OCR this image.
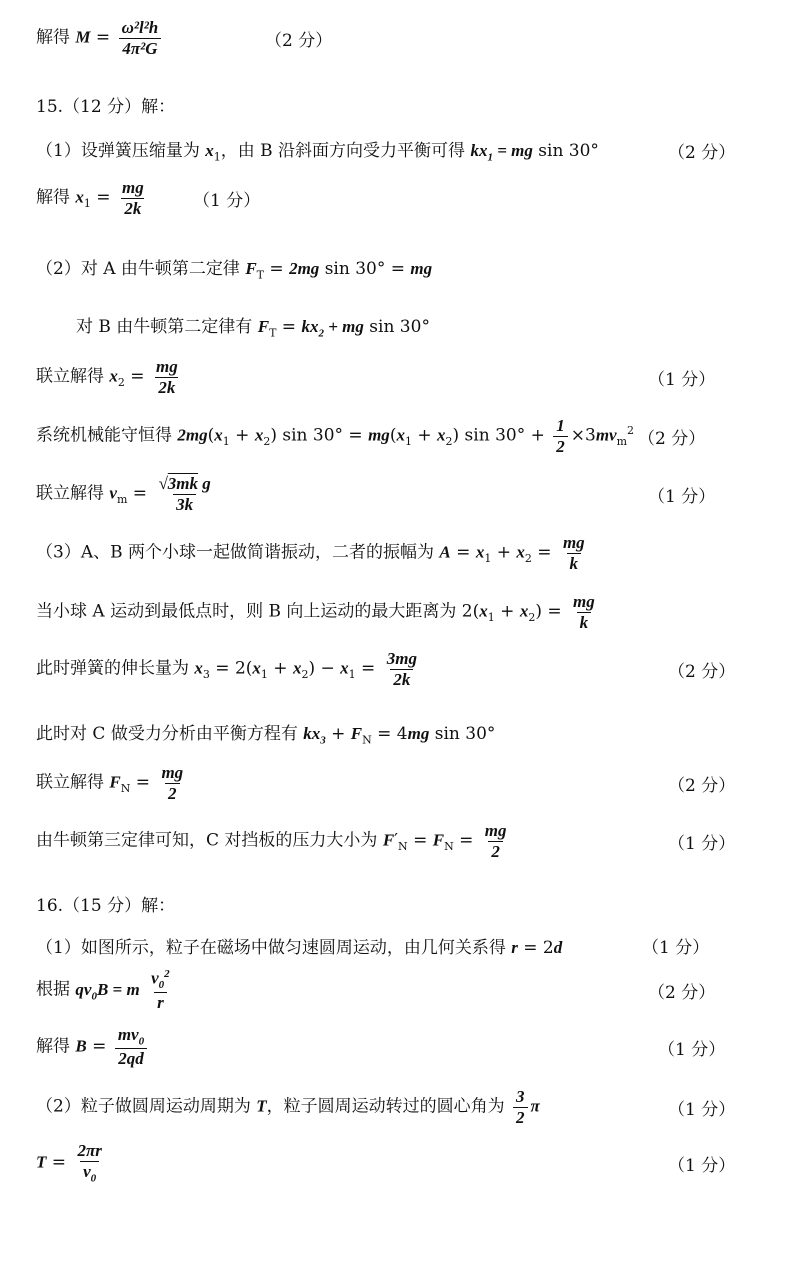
解得 $M = \frac{\text{ω²l²h}}{\text{4π²G}}$	（2 分）
15.（12 分）解：
（1）设弹簧压缩量为 $x_1$，由 B 沿斜面方向受力平衡可得 $kx_1$ = mg sin 30°	（2 分）
解得 $x_1 = \frac{mg}{2k}$	（1 分）
（2）对 A 由牛顿第二定律 $F_T = 2mg$ sin 30° = mg
对 B 由牛顿第二定律有 $F_T = kx_2$ + mg sin 30°
联立解得 $x_2 = \frac{mg}{2k}$	（1 分）
系统机械能守恒得 $2mg(x_1 + x_2)$ $\sin 30^\circ = mg(x_1 + x_2)$ $\sin 30^\circ + \frac{1}{2} \times 3mv_m^2$ （2 分）
联立解得 $v_m = \frac{\text{√3mk g}}{3k}$	（1 分）
（3）A、B 两个小球一起做简谐振动，二者的振幅为 $A = x_1 + x_2 = \frac{mg}{k}$
当小球 A 运动到最低点时，则 B 向上运动的最大距离为 $2(x_1 + x_2) = \frac{mg}{k}$
此时弹簧的伸长量为 $x_3 = 2(x_1 + x_2) - x_1 = \frac{3mg}{2k}$	（2 分）
此时对 C 做受力分析由平衡方程有 $kx_3 + F_N = 4mg$ sin 30°
联立解得 $F_N = \frac{mg}{2}$	（2 分）
由牛顿第三定律可知，C 对挡板的压力大小为 $F'_N = F_N = \frac{mg}{2}$	（1 分）
16.（15 分）解：
（1）如图所示，粒子在磁场中做匀速圆周运动，由几何关系得 r = 2d	（1 分）
根据 $qv_0B = m \frac{v_0^2}{r}$	（2 分）
解得 $B = \frac{mv_0}{2qd}$	（1 分）
（2）粒子做圆周运动周期为 T，粒子圆周运动转过的圆心角为 $\frac{3}{2}$ π	（1 分）
$T = \frac{2\pi r}{v_0}$	（1 分）
